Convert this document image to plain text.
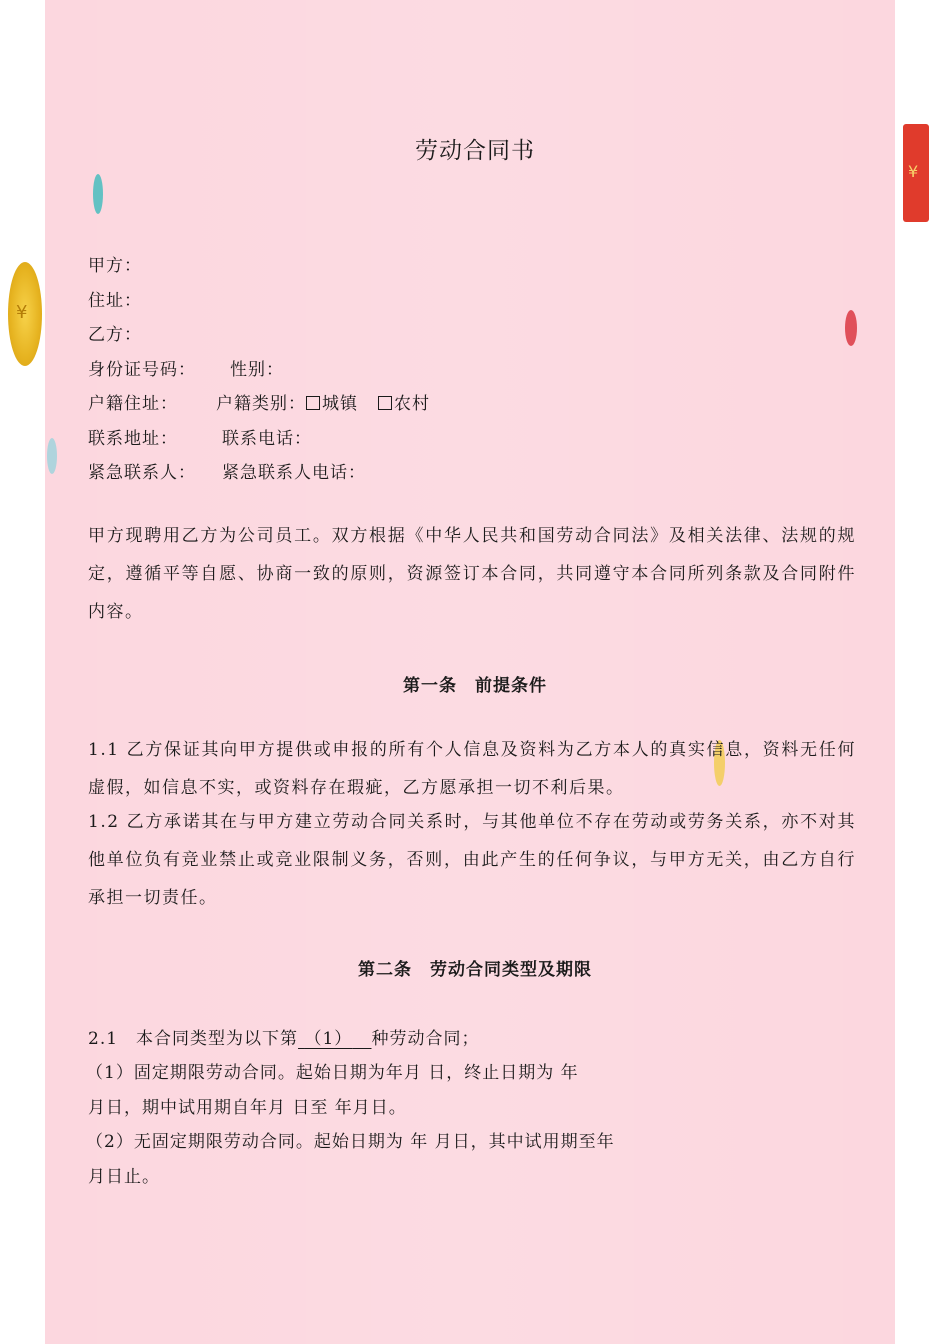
¥
¥
劳动合同书
甲方：
住址：
乙方：
身份证号码： 性别：
户籍住址： 户籍类别： 城镇 农村
联系地址：	联系电话：
紧急联系人： 紧急联系人电话：
甲方现聘用乙方为公司员工。双方根据《中华人民共和国劳动合同法》及相关法律、法规的规定，遵循平等自愿、协商一致的原则，资源签订本合同，共同遵守本合同所列条款及合同附件内容。
第一条　前提条件
1.1 乙方保证其向甲方提供或申报的所有个人信息及资料为乙方本人的真实信息，资料无任何虚假，如信息不实，或资料存在瑕疵，乙方愿承担一切不利后果。
1.2 乙方承诺其在与甲方建立劳动合同关系时，与其他单位不存在劳动或劳务关系，亦不对其他单位负有竞业禁止或竞业限制义务，否则，由此产生的任何争议，与甲方无关，由乙方自行承担一切责任。
第二条　劳动合同类型及期限
2.1　本合同类型为以下第 （1） 种劳动合同；
（1）固定期限劳动合同。起始日期为年月 日，终止日期为 年
月日，期中试用期自年月 日至 年月日。
（2）无固定期限劳动合同。起始日期为 年 月日，其中试用期至年
月日止。
